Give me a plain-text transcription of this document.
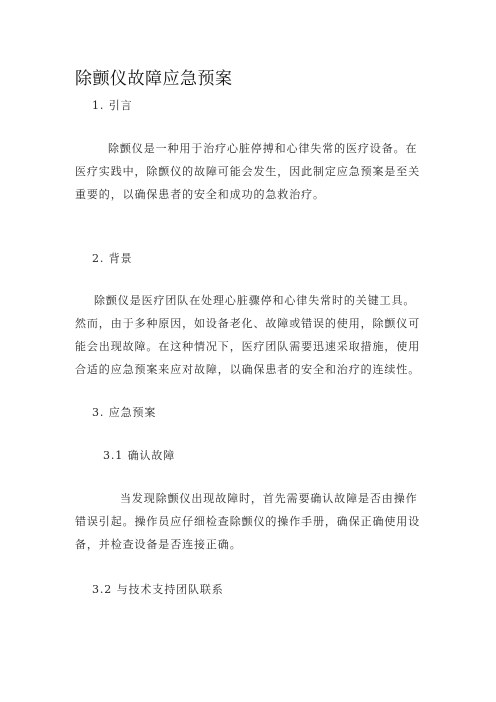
除颤仪故障应急预案
1. 引言
除颤仪是一种用于治疗心脏停搏和心律失常的医疗设备。在
医疗实践中，除颤仪的故障可能会发生，因此制定应急预案是至关
重要的，以确保患者的安全和成功的急救治疗。
2. 背景
除颤仪是医疗团队在处理心脏骤停和心律失常时的关键工具。
然而，由于多种原因，如设备老化、故障或错误的使用，除颤仪可
能会出现故障。在这种情况下，医疗团队需要迅速采取措施，使用
合适的应急预案来应对故障，以确保患者的安全和治疗的连续性。
3. 应急预案
3.1 确认故障
当发现除颤仪出现故障时，首先需要确认故障是否由操作
错误引起。操作员应仔细检查除颤仪的操作手册，确保正确使用设
备，并检查设备是否连接正确。
3.2 与技术支持团队联系
